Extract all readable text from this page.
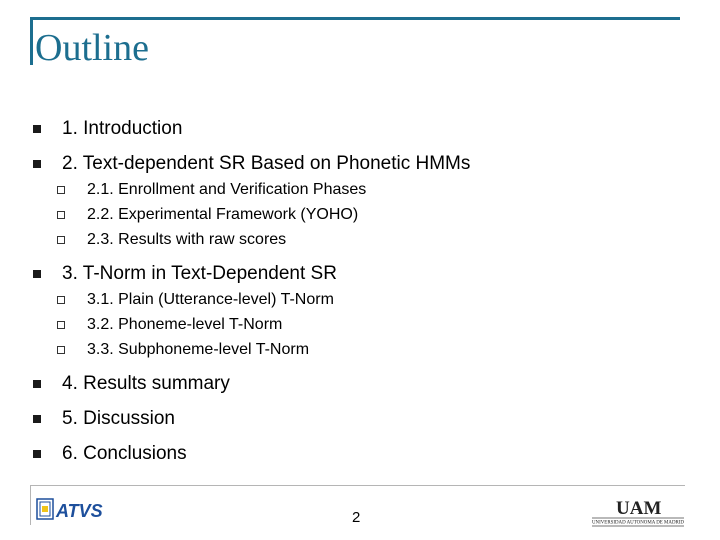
Outline
1. Introduction
2. Text-dependent SR Based on Phonetic HMMs
2.1. Enrollment and Verification Phases
2.2. Experimental Framework (YOHO)
2.3. Results with raw scores
3. T-Norm in Text-Dependent SR
3.1. Plain (Utterance-level) T-Norm
3.2. Phoneme-level T-Norm
3.3. Subphoneme-level T-Norm
4. Results summary
5. Discussion
6. Conclusions
ATVS	2	UAM
UNIVERSIDAD AUTONOMA DE MADRID
